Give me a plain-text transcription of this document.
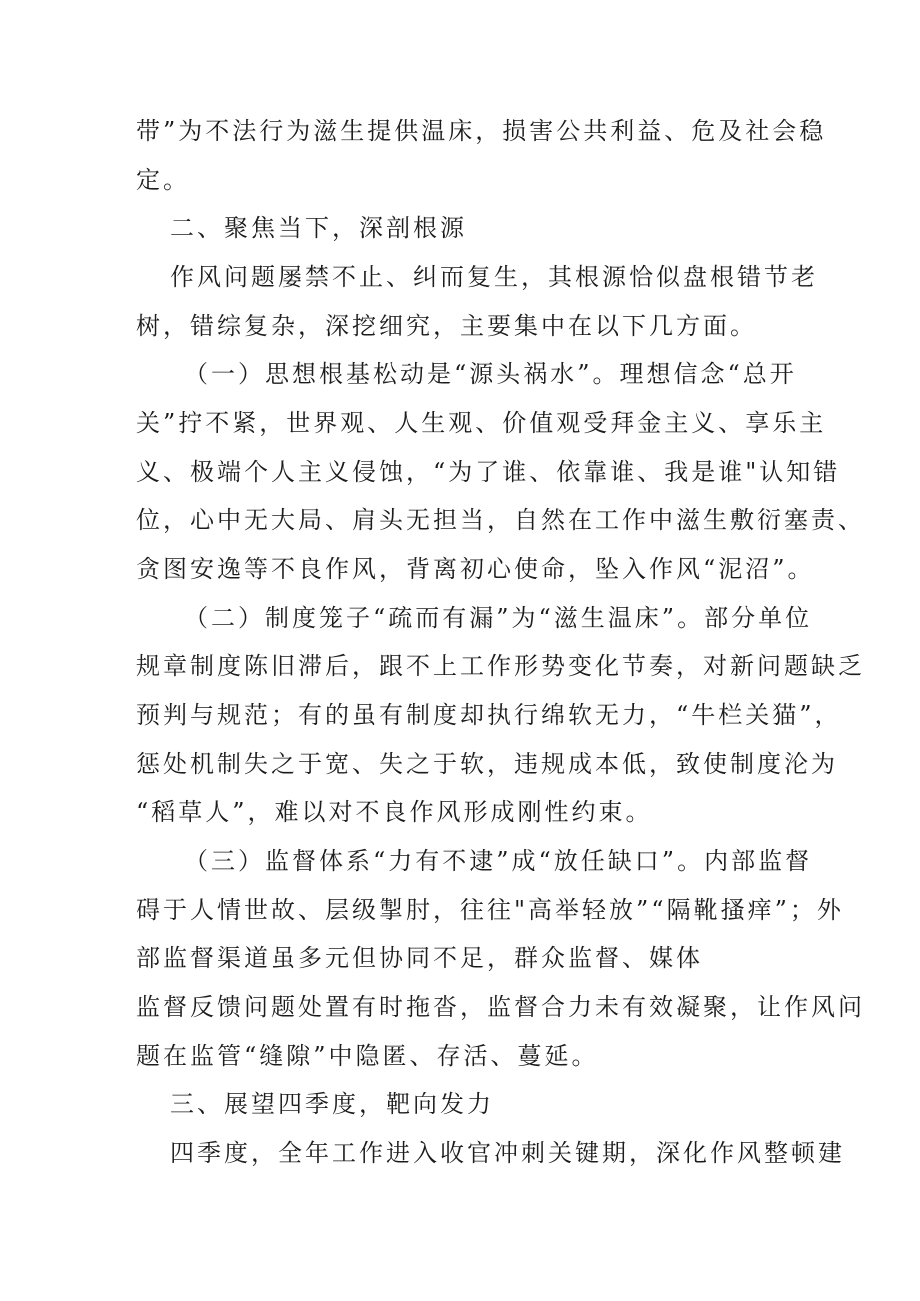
带”为不法行为滋生提供温床，损害公共利益、危及社会稳

定。

二、聚焦当下，深剖根源

作风问题屡禁不止、纠而复生，其根源恰似盘根错节老

树，错综复杂，深挖细究，主要集中在以下几方面。

（一）思想根基松动是“源头祸水”。理想信念“总开

关”拧不紧，世界观、人生观、价值观受拜金主义、享乐主

义、极端个人主义侵蚀，“为了谁、依靠谁、我是谁"认知错

位，心中无大局、肩头无担当，自然在工作中滋生敷衍塞责、

贪图安逸等不良作风，背离初心使命，坠入作风“泥沼”。

（二）制度笼子“疏而有漏”为“滋生温床”。部分单位

规章制度陈旧滞后，跟不上工作形势变化节奏，对新问题缺乏

预判与规范；有的虽有制度却执行绵软无力，“牛栏关猫”，

惩处机制失之于宽、失之于软，违规成本低，致使制度沦为

“稻草人”，难以对不良作风形成刚性约束。

（三）监督体系“力有不逮”成“放任缺口”。内部监督

碍于人情世故、层级掣肘，往往"高举轻放”“隔靴搔痒”；外

部监督渠道虽多元但协同不足，群众监督、媒体

监督反馈问题处置有时拖沓，监督合力未有效凝聚，让作风问

题在监管“缝隙”中隐匿、存活、蔓延。

三、展望四季度，靶向发力

四季度，全年工作进入收官冲刺关键期，深化作风整顿建
